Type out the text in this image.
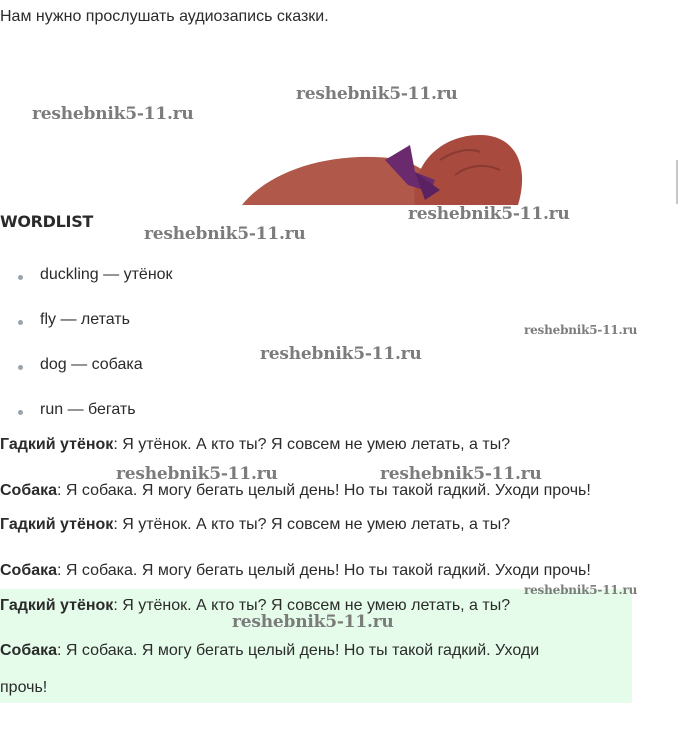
Нам нужно прослушать аудиозапись сказки.
WORDLIST
duckling — утёнок
fly — летать
dog — собака
run — бегать
Гадкий утёнок: Я утёнок. А кто ты? Я совсем не умею летать, а ты?
Собака: Я собака. Я могу бегать целый день! Но ты такой гадкий. Уходи прочь!
Гадкий утёнок: Я утёнок. А кто ты? Я совсем не умею летать, а ты?
Собака: Я собака. Я могу бегать целый день! Но ты такой гадкий. Уходи прочь!
Гадкий утёнок: Я утёнок. А кто ты? Я совсем не умею летать, а ты?
Собака: Я собака. Я могу бегать целый день! Но ты такой гадкий. Уходи
прочь!
reshebnik5-11.ru
reshebnik5-11.ru
reshebnik5-11.ru
reshebnik5-11.ru
reshebnik5-11.ru
reshebnik5-11.ru
reshebnik5-11.ru	reshebnik5-11.ru
reshebnik5-11.ru
reshebnik5-11.ru
